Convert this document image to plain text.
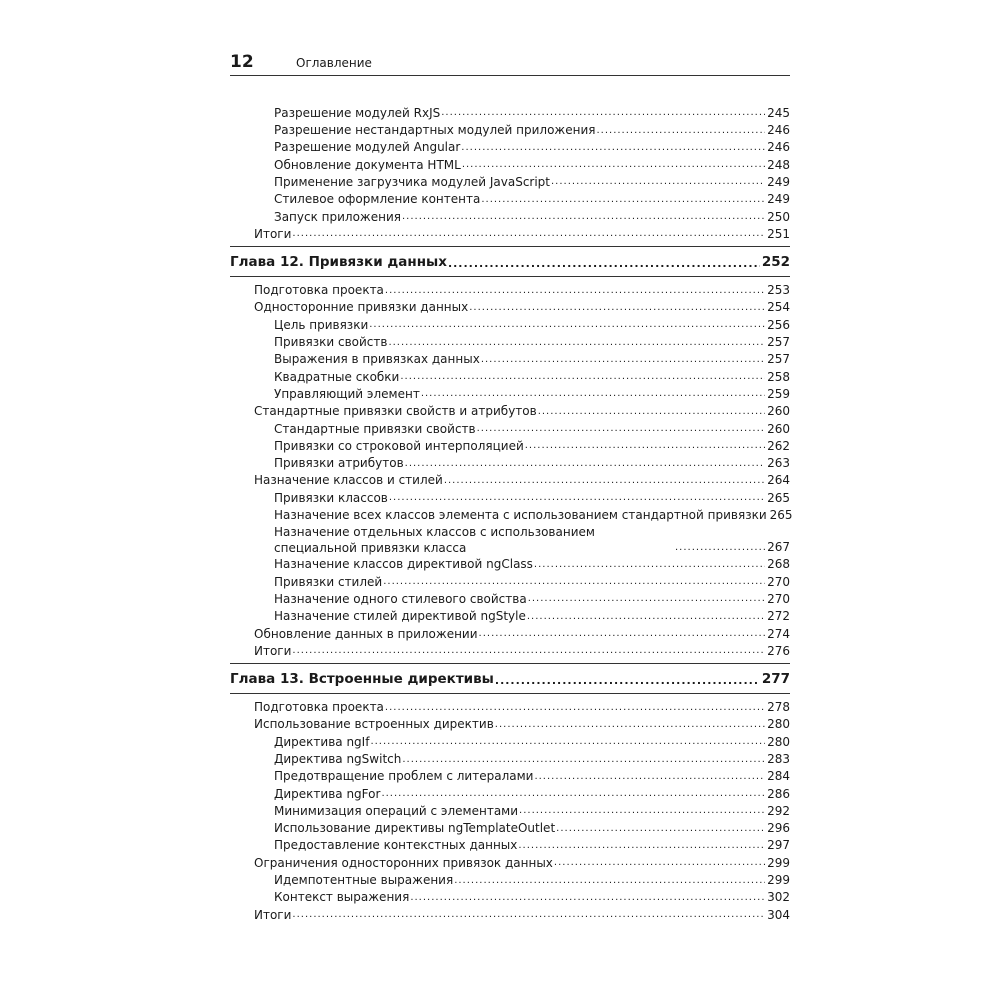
12	Оглавление
Разрешение модулей RxJS .....	245
Разрешение нестандартных модулей приложения .....	246
Разрешение модулей Angular .....	246
Обновление документа HTML .....	248
Применение загрузчика модулей JavaScript .....	249
Стилевое оформление контента .....	249
Запуск приложения .....	250
Итоги .....	251
Глава 12. Привязки данных .....	252
Подготовка проекта .....	253
Односторонние привязки данных .....	254
Цель привязки .....	256
Привязки свойств .....	257
Выражения в привязках данных .....	257
Квадратные скобки .....	258
Управляющий элемент .....	259
Стандартные привязки свойств и атрибутов .....	260
Стандартные привязки свойств .....	260
Привязки со строковой интерполяцией .....	262
Привязки атрибутов .....	263
Назначение классов и стилей .....	264
Привязки классов .....	265
Назначение всех классов элемента с использованием стандартной привязки 265
Назначение отдельных классов с использованием специальной привязки класса .....	267
Назначение классов директивой ngClass .....	268
Привязки стилей .....	270
Назначение одного стилевого свойства .....	270
Назначение стилей директивой ngStyle .....	272
Обновление данных в приложении .....	274
Итоги .....	276
Глава 13. Встроенные директивы .....	277
Подготовка проекта .....	278
Использование встроенных директив .....	280
Директива ngIf .....	280
Директива ngSwitch .....	283
Предотвращение проблем с литералами .....	284
Директива ngFor .....	286
Минимизация операций с элементами .....	292
Использование директивы ngTemplateOutlet .....	296
Предоставление контекстных данных .....	297
Ограничения односторонних привязок данных .....	299
Идемпотентные выражения .....	299
Контекст выражения .....	302
Итоги .....	304
